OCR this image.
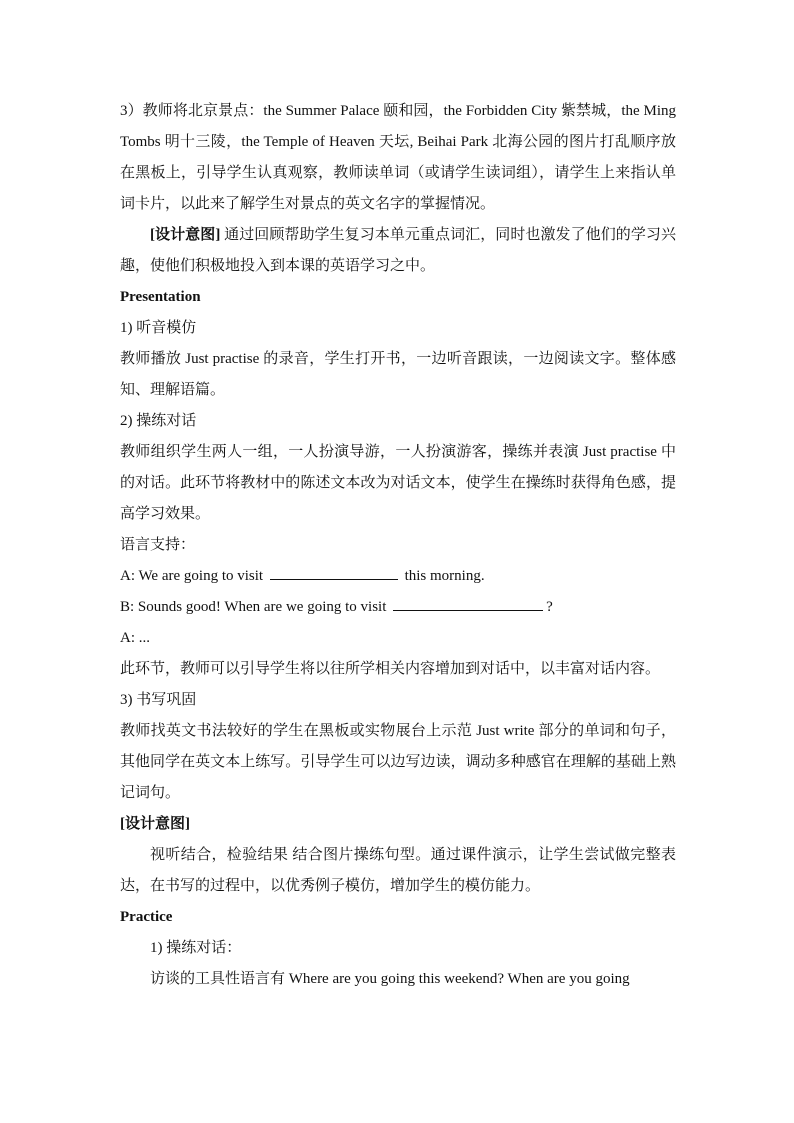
3）教师将北京景点：the Summer Palace 颐和园，the Forbidden City 紫禁城，the Ming Tombs 明十三陵，the Temple of Heaven 天坛, Beihai Park 北海公园的图片打乱顺序放在黑板上，引导学生认真观察，教师读单词（或请学生读词组），请学生上来指认单词卡片，以此来了解学生对景点的英文名字的掌握情况。

[设计意图] 通过回顾帮助学生复习本单元重点词汇，同时也激发了他们的学习兴趣，使他们积极地投入到本课的英语学习之中。

Presentation

1) 听音模仿

教师播放 Just practise 的录音，学生打开书，一边听音跟读，一边阅读文字。整体感知、理解语篇。

2) 操练对话

教师组织学生两人一组，一人扮演导游，一人扮演游客，操练并表演 Just practise 中的对话。此环节将教材中的陈述文本改为对话文本，使学生在操练时获得角色感，提高学习效果。

语言支持：

A: We are going to visit	this morning.

B: Sounds good! When are we going to visit	?

A: ...

此环节，教师可以引导学生将以往所学相关内容增加到对话中，以丰富对话内容。

3) 书写巩固

教师找英文书法较好的学生在黑板或实物展台上示范 Just write 部分的单词和句子，其他同学在英文本上练写。引导学生可以边写边读，调动多种感官在理解的基础上熟记词句。

[设计意图]

视听结合，检验结果 结合图片操练句型。通过课件演示，让学生尝试做完整表达，在书写的过程中，以优秀例子模仿，增加学生的模仿能力。

Practice

1) 操练对话：

访谈的工具性语言有 Where are you going this weekend? When are you going
